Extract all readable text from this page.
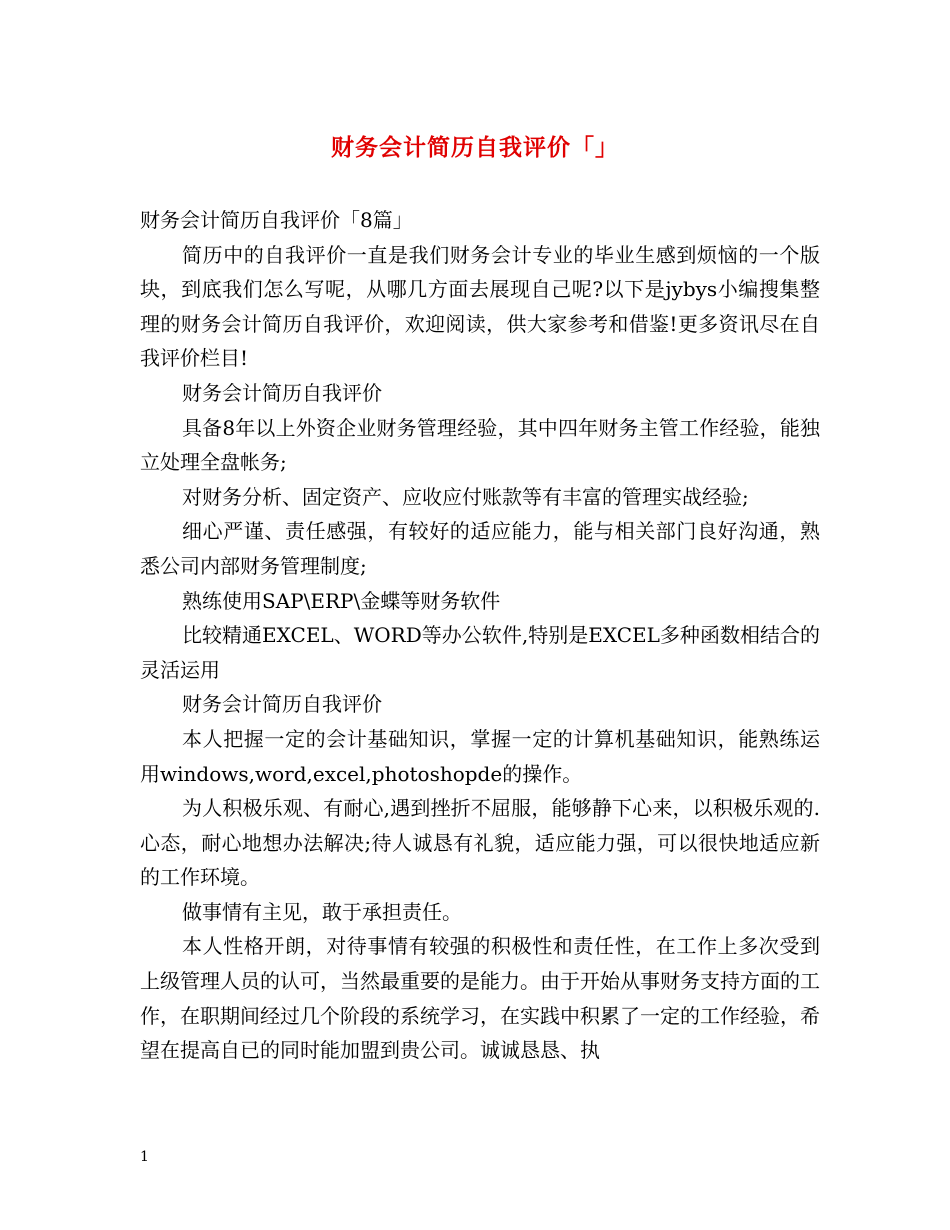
财务会计简历自我评价「」

财务会计简历自我评价「8篇」

简历中的自我评价一直是我们财务会计专业的毕业生感到烦恼的一个版块，到底我们怎么写呢，从哪几方面去展现自己呢?以下是jybys小编搜集整理的财务会计简历自我评价，欢迎阅读，供大家参考和借鉴!更多资讯尽在自我评价栏目!

财务会计简历自我评价

具备8年以上外资企业财务管理经验，其中四年财务主管工作经验，能独立处理全盘帐务;

对财务分析、固定资产、应收应付账款等有丰富的管理实战经验;

细心严谨、责任感强，有较好的适应能力，能与相关部门良好沟通，熟悉公司内部财务管理制度;

熟练使用SAP\ERP\金蝶等财务软件

比较精通EXCEL、WORD等办公软件,特别是EXCEL多种函数相结合的灵活运用

财务会计简历自我评价

本人把握一定的会计基础知识，掌握一定的计算机基础知识，能熟练运用windows,word,excel,photoshopde的操作。

为人积极乐观、有耐心,遇到挫折不屈服，能够静下心来，以积极乐观的.心态，耐心地想办法解决;待人诚恳有礼貌，适应能力强，可以很快地适应新的工作环境。

做事情有主见，敢于承担责任。

本人性格开朗，对待事情有较强的积极性和责任性，在工作上多次受到上级管理人员的认可，当然最重要的是能力。由于开始从事财务支持方面的工作，在职期间经过几个阶段的系统学习，在实践中积累了一定的工作经验，希望在提高自已的同时能加盟到贵公司。诚诚恳恳、执

1
